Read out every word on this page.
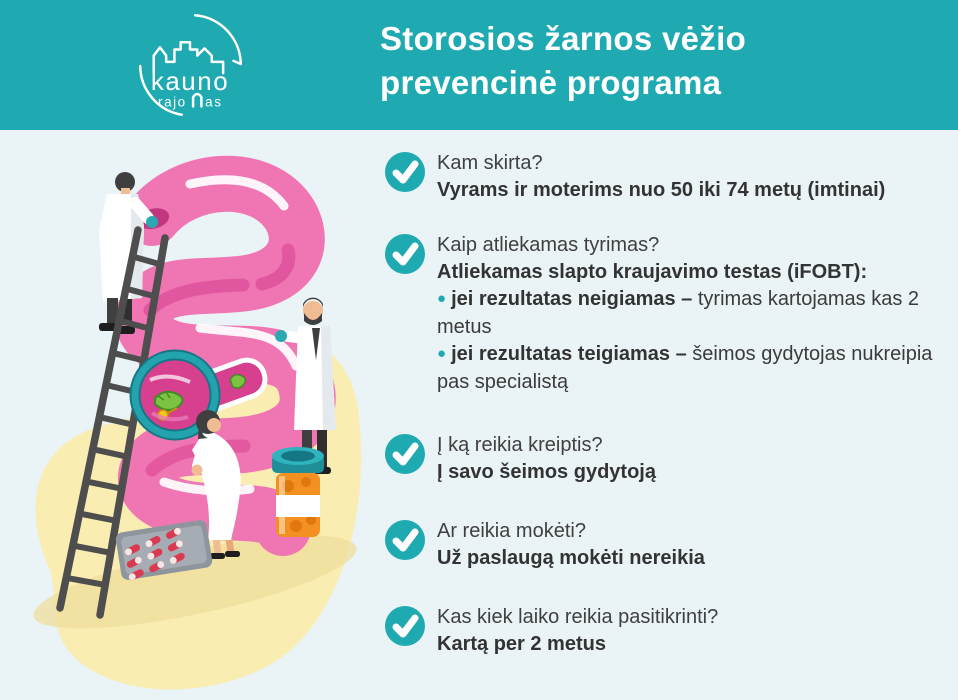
kauno
rajo as
Storosios žarnos vėžio
prevencinė programa
Kam skirta?
Vyrams ir moterims nuo 50 iki 74 metų (imtinai)
Kaip atliekamas tyrimas?
Atliekamas slapto kraujavimo testas (iFOBT):

● jei rezultatas neigiamas – tyrimas kartojamas kas 2 metus

● jei rezultatas teigiamas – šeimos gydytojas nukreipia pas specialistą

Į ką reikia kreiptis?
Į savo šeimos gydytoją
Ar reikia mokėti?
Už paslaugą mokėti nereikia
Kas kiek laiko reikia pasitikrinti?
Kartą per 2 metus
